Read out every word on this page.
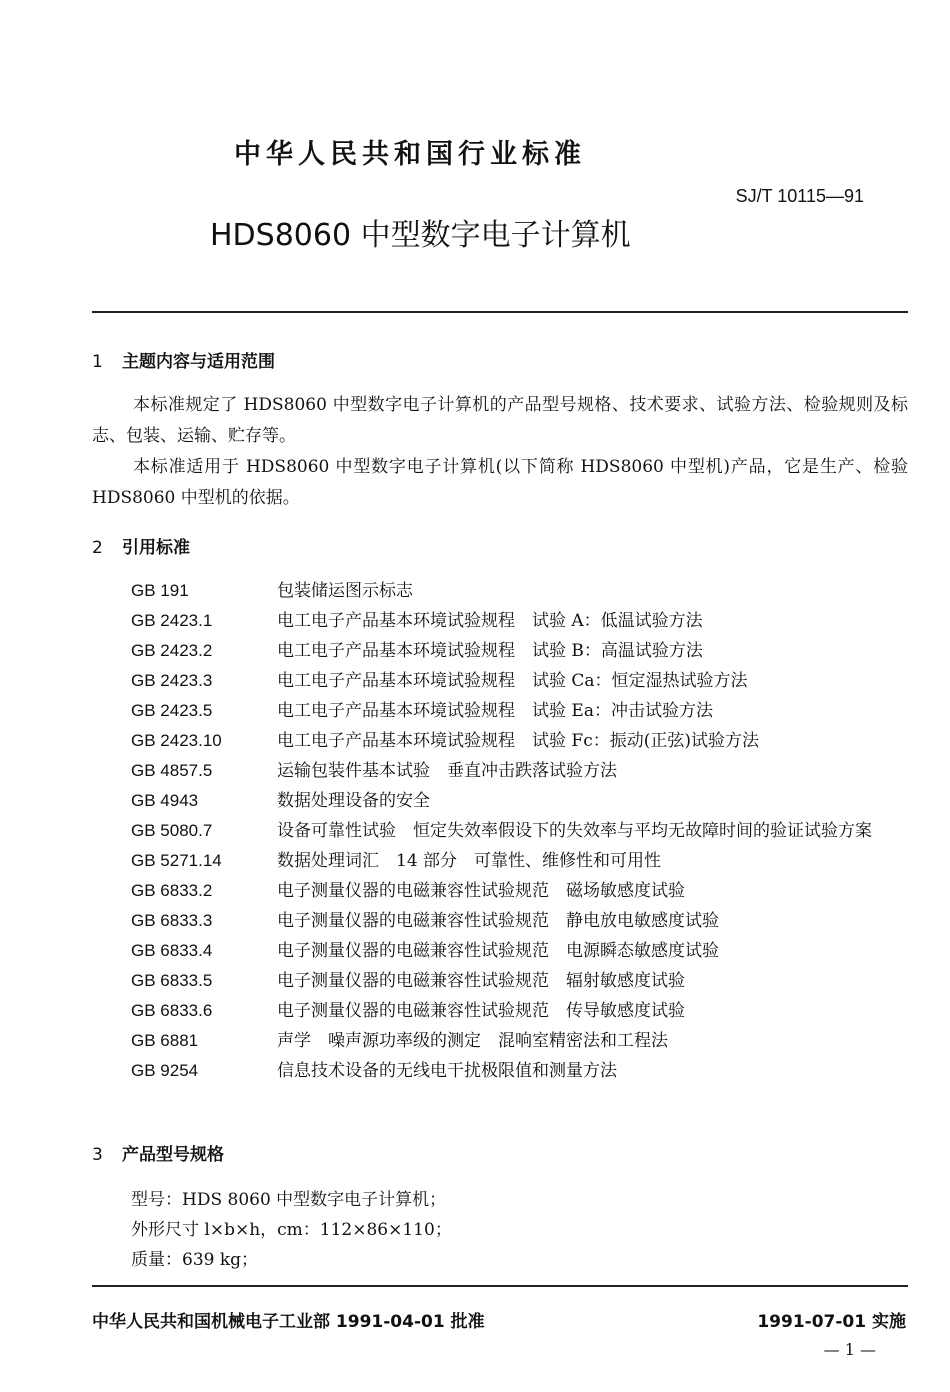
中华人民共和国行业标准
SJ/T 10115—91
HDS8060 中型数字电子计算机
1 主题内容与适用范围
本标准规定了 HDS8060 中型数字电子计算机的产品型号规格、技术要求、试验方法、检验规则及标志、包装、运输、贮存等。
本标准适用于 HDS8060 中型数字电子计算机(以下简称 HDS8060 中型机)产品，它是生产、检验 HDS8060 中型机的依据。
2 引用标准
GB 191	包装储运图示标志
GB 2423.1	电工电子产品基本环境试验规程　试验 A：低温试验方法
GB 2423.2	电工电子产品基本环境试验规程　试验 B：高温试验方法
GB 2423.3	电工电子产品基本环境试验规程　试验 Ca：恒定湿热试验方法
GB 2423.5	电工电子产品基本环境试验规程　试验 Ea：冲击试验方法
GB 2423.10	电工电子产品基本环境试验规程　试验 Fc：振动(正弦)试验方法
GB 4857.5	运输包装件基本试验　垂直冲击跌落试验方法
GB 4943	数据处理设备的安全
GB 5080.7	设备可靠性试验　恒定失效率假设下的失效率与平均无故障时间的验证试验方案
GB 5271.14	数据处理词汇　14 部分　可靠性、维修性和可用性
GB 6833.2	电子测量仪器的电磁兼容性试验规范　磁场敏感度试验
GB 6833.3	电子测量仪器的电磁兼容性试验规范　静电放电敏感度试验
GB 6833.4	电子测量仪器的电磁兼容性试验规范　电源瞬态敏感度试验
GB 6833.5	电子测量仪器的电磁兼容性试验规范　辐射敏感度试验
GB 6833.6	电子测量仪器的电磁兼容性试验规范　传导敏感度试验
GB 6881	声学　噪声源功率级的测定　混响室精密法和工程法
GB 9254	信息技术设备的无线电干扰极限值和测量方法
3 产品型号规格
型号：HDS 8060 中型数字电子计算机；
外形尺寸 l×b×h，cm：112×86×110；
质量：639 kg；
中华人民共和国机械电子工业部 1991-04-01 批准	1991-07-01 实施
— 1 —
